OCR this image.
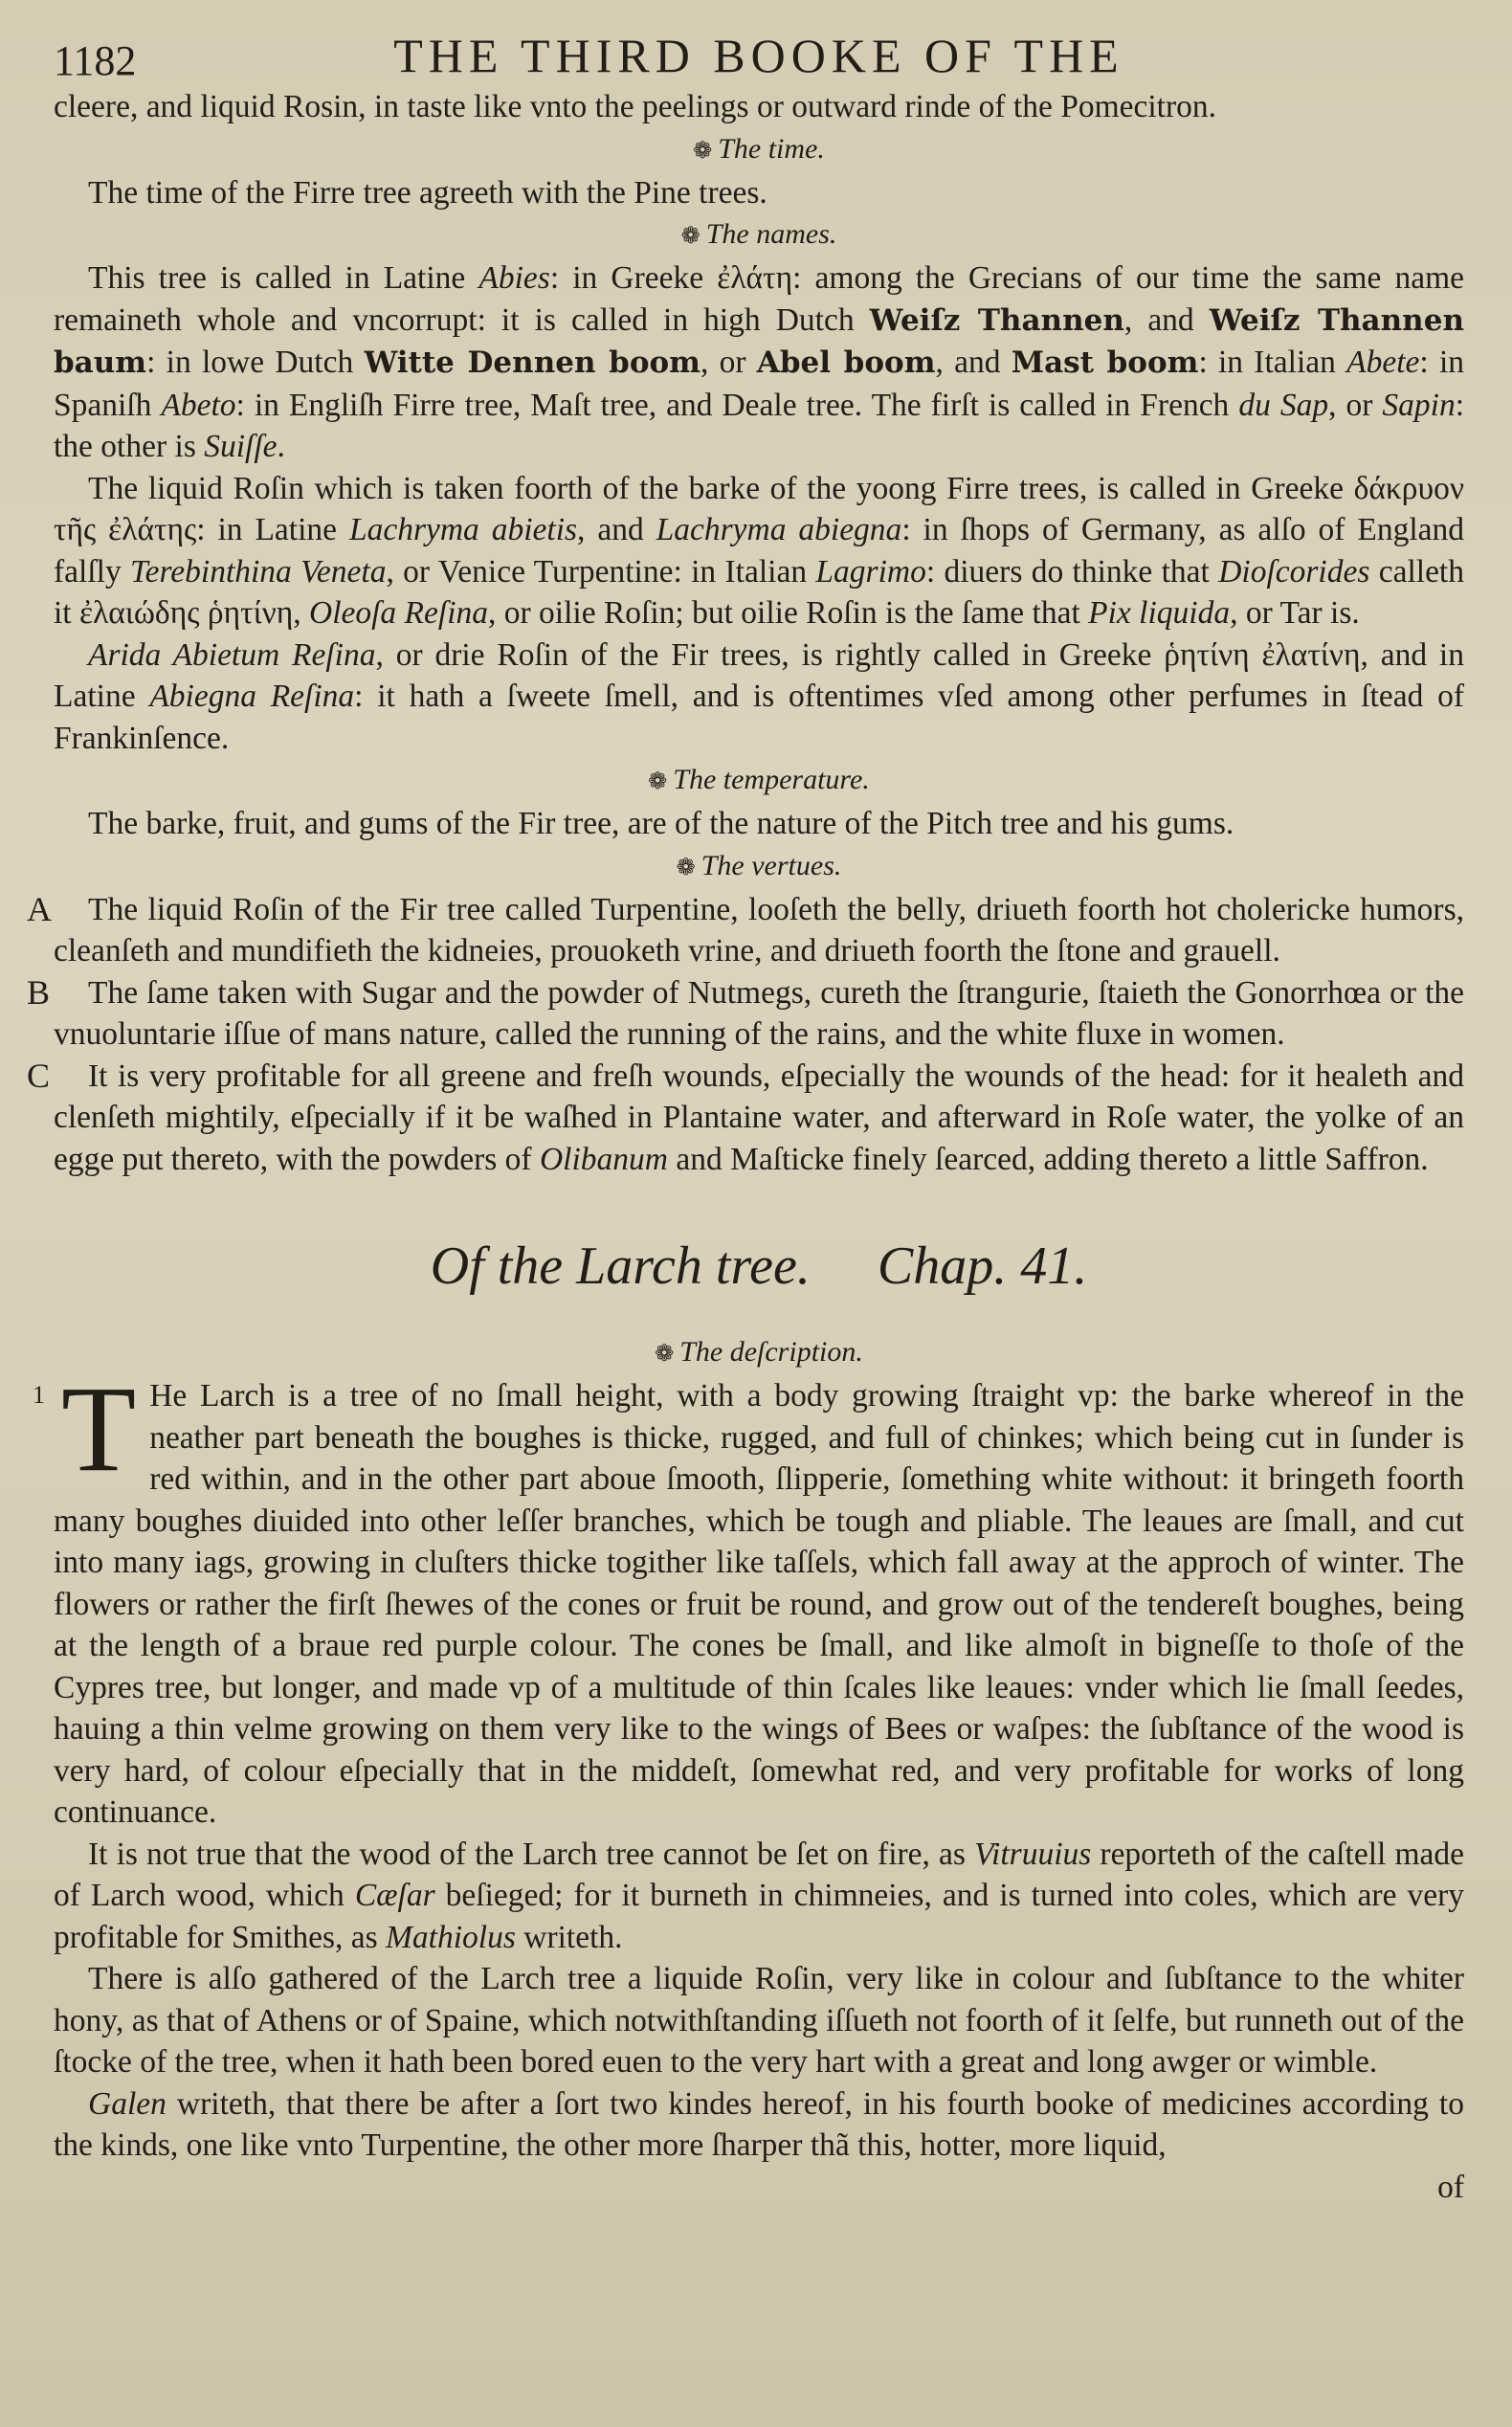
1182	THE THIRD BOOKE OF THE

cleere, and liquid Rosin, in taste like vnto the peelings or outward rinde of the Pomecitron.

❁ The time.

The time of the Firre tree agreeth with the Pine trees.

❁ The names.

This tree is called in Latine Abies: in Greeke ἐλάτη: among the Grecians of our time the same name remaineth whole and vncorrupt: it is called in high Dutch Weiſz Thannen, and Weiſz Thannen baum: in lowe Dutch Witte Dennen boom, or Abel boom, and Mast boom: in Italian Abete: in Spaniſh Abeto: in Engliſh Firre tree, Maſt tree, and Deale tree. The firſt is called in French du Sap, or Sapin: the other is Suiſſe.

The liquid Roſin which is taken foorth of the barke of the yoong Firre trees, is called in Greeke δάκρυον τῆς ἐλάτης: in Latine Lachryma abietis, and Lachryma abiegna: in ſhops of Germany, as alſo of England falſly Terebinthina Veneta, or Venice Turpentine: in Italian Lagrimo: diuers do thinke that Dioſcorides calleth it ἐλαιώδης ῥητίνη, Oleoſa Reſina, or oilie Roſin; but oilie Roſin is the ſame that Pix liquida, or Tar is.

Arida Abietum Reſina, or drie Roſin of the Fir trees, is rightly called in Greeke ῥητίνη ἐλατίνη, and in Latine Abiegna Reſina: it hath a ſweete ſmell, and is oftentimes vſed among other perfumes in ſtead of Frankinſence.

❁ The temperature.

The barke, fruit, and gums of the Fir tree, are of the nature of the Pitch tree and his gums.

❁ The vertues.
A	The liquid Roſin of the Fir tree called Turpentine, looſeth the belly, driueth foorth hot cholericke humors, cleanſeth and mundifieth the kidneies, prouoketh vrine, and driueth foorth the ſtone and grauell.

B	The ſame taken with Sugar and the powder of Nutmegs, cureth the ſtrangurie, ſtaieth the Gonorrhœa or the vnuoluntarie iſſue of mans nature, called the running of the rains, and the white fluxe in women.

C	It is very profitable for all greene and freſh wounds, eſpecially the wounds of the head: for it healeth and clenſeth mightily, eſpecially if it be waſhed in Plantaine water, and afterward in Roſe water, the yolke of an egge put thereto, with the powders of Olibanum and Maſticke finely ſearced, adding thereto a little Saffron.

Of the Larch tree. Chap. 41.
❁ The deſcription.
1 T He Larch is a tree of no ſmall height, with a body growing ſtraight vp: the barke whereof in the neather part beneath the boughes is thicke, rugged, and full of chinkes; which being cut in ſunder is red within, and in the other part aboue ſmooth, ſlipperie, ſomething white without: it bringeth foorth many boughes diuided into other leſſer branches, which be tough and pliable. The leaues are ſmall, and cut into many iags, growing in cluſters thicke togither like taſſels, which fall away at the approch of winter. The flowers or rather the firſt ſhewes of the cones or fruit be round, and grow out of the tendereſt boughes, being at the length of a braue red purple colour. The cones be ſmall, and like almoſt in bigneſſe to thoſe of the Cypres tree, but longer, and made vp of a multitude of thin ſcales like leaues: vnder which lie ſmall ſeedes, hauing a thin velme growing on them very like to the wings of Bees or waſpes: the ſubſtance of the wood is very hard, of colour eſpecially that in the middeſt, ſomewhat red, and very profitable for works of long continuance.

It is not true that the wood of the Larch tree cannot be ſet on fire, as Vitruuius reporteth of the caſtell made of Larch wood, which Cæſar beſieged; for it burneth in chimneies, and is turned into coles, which are very profitable for Smithes, as Mathiolus writeth.

There is alſo gathered of the Larch tree a liquide Roſin, very like in colour and ſubſtance to the whiter hony, as that of Athens or of Spaine, which notwithſtanding iſſueth not foorth of it ſelfe, but runneth out of the ſtocke of the tree, when it hath been bored euen to the very hart with a great and long awger or wimble.

Galen writeth, that there be after a ſort two kindes hereof, in his fourth booke of medicines according to the kinds, one like vnto Turpentine, the other more ſharper thã this, hotter, more liquid,

of
